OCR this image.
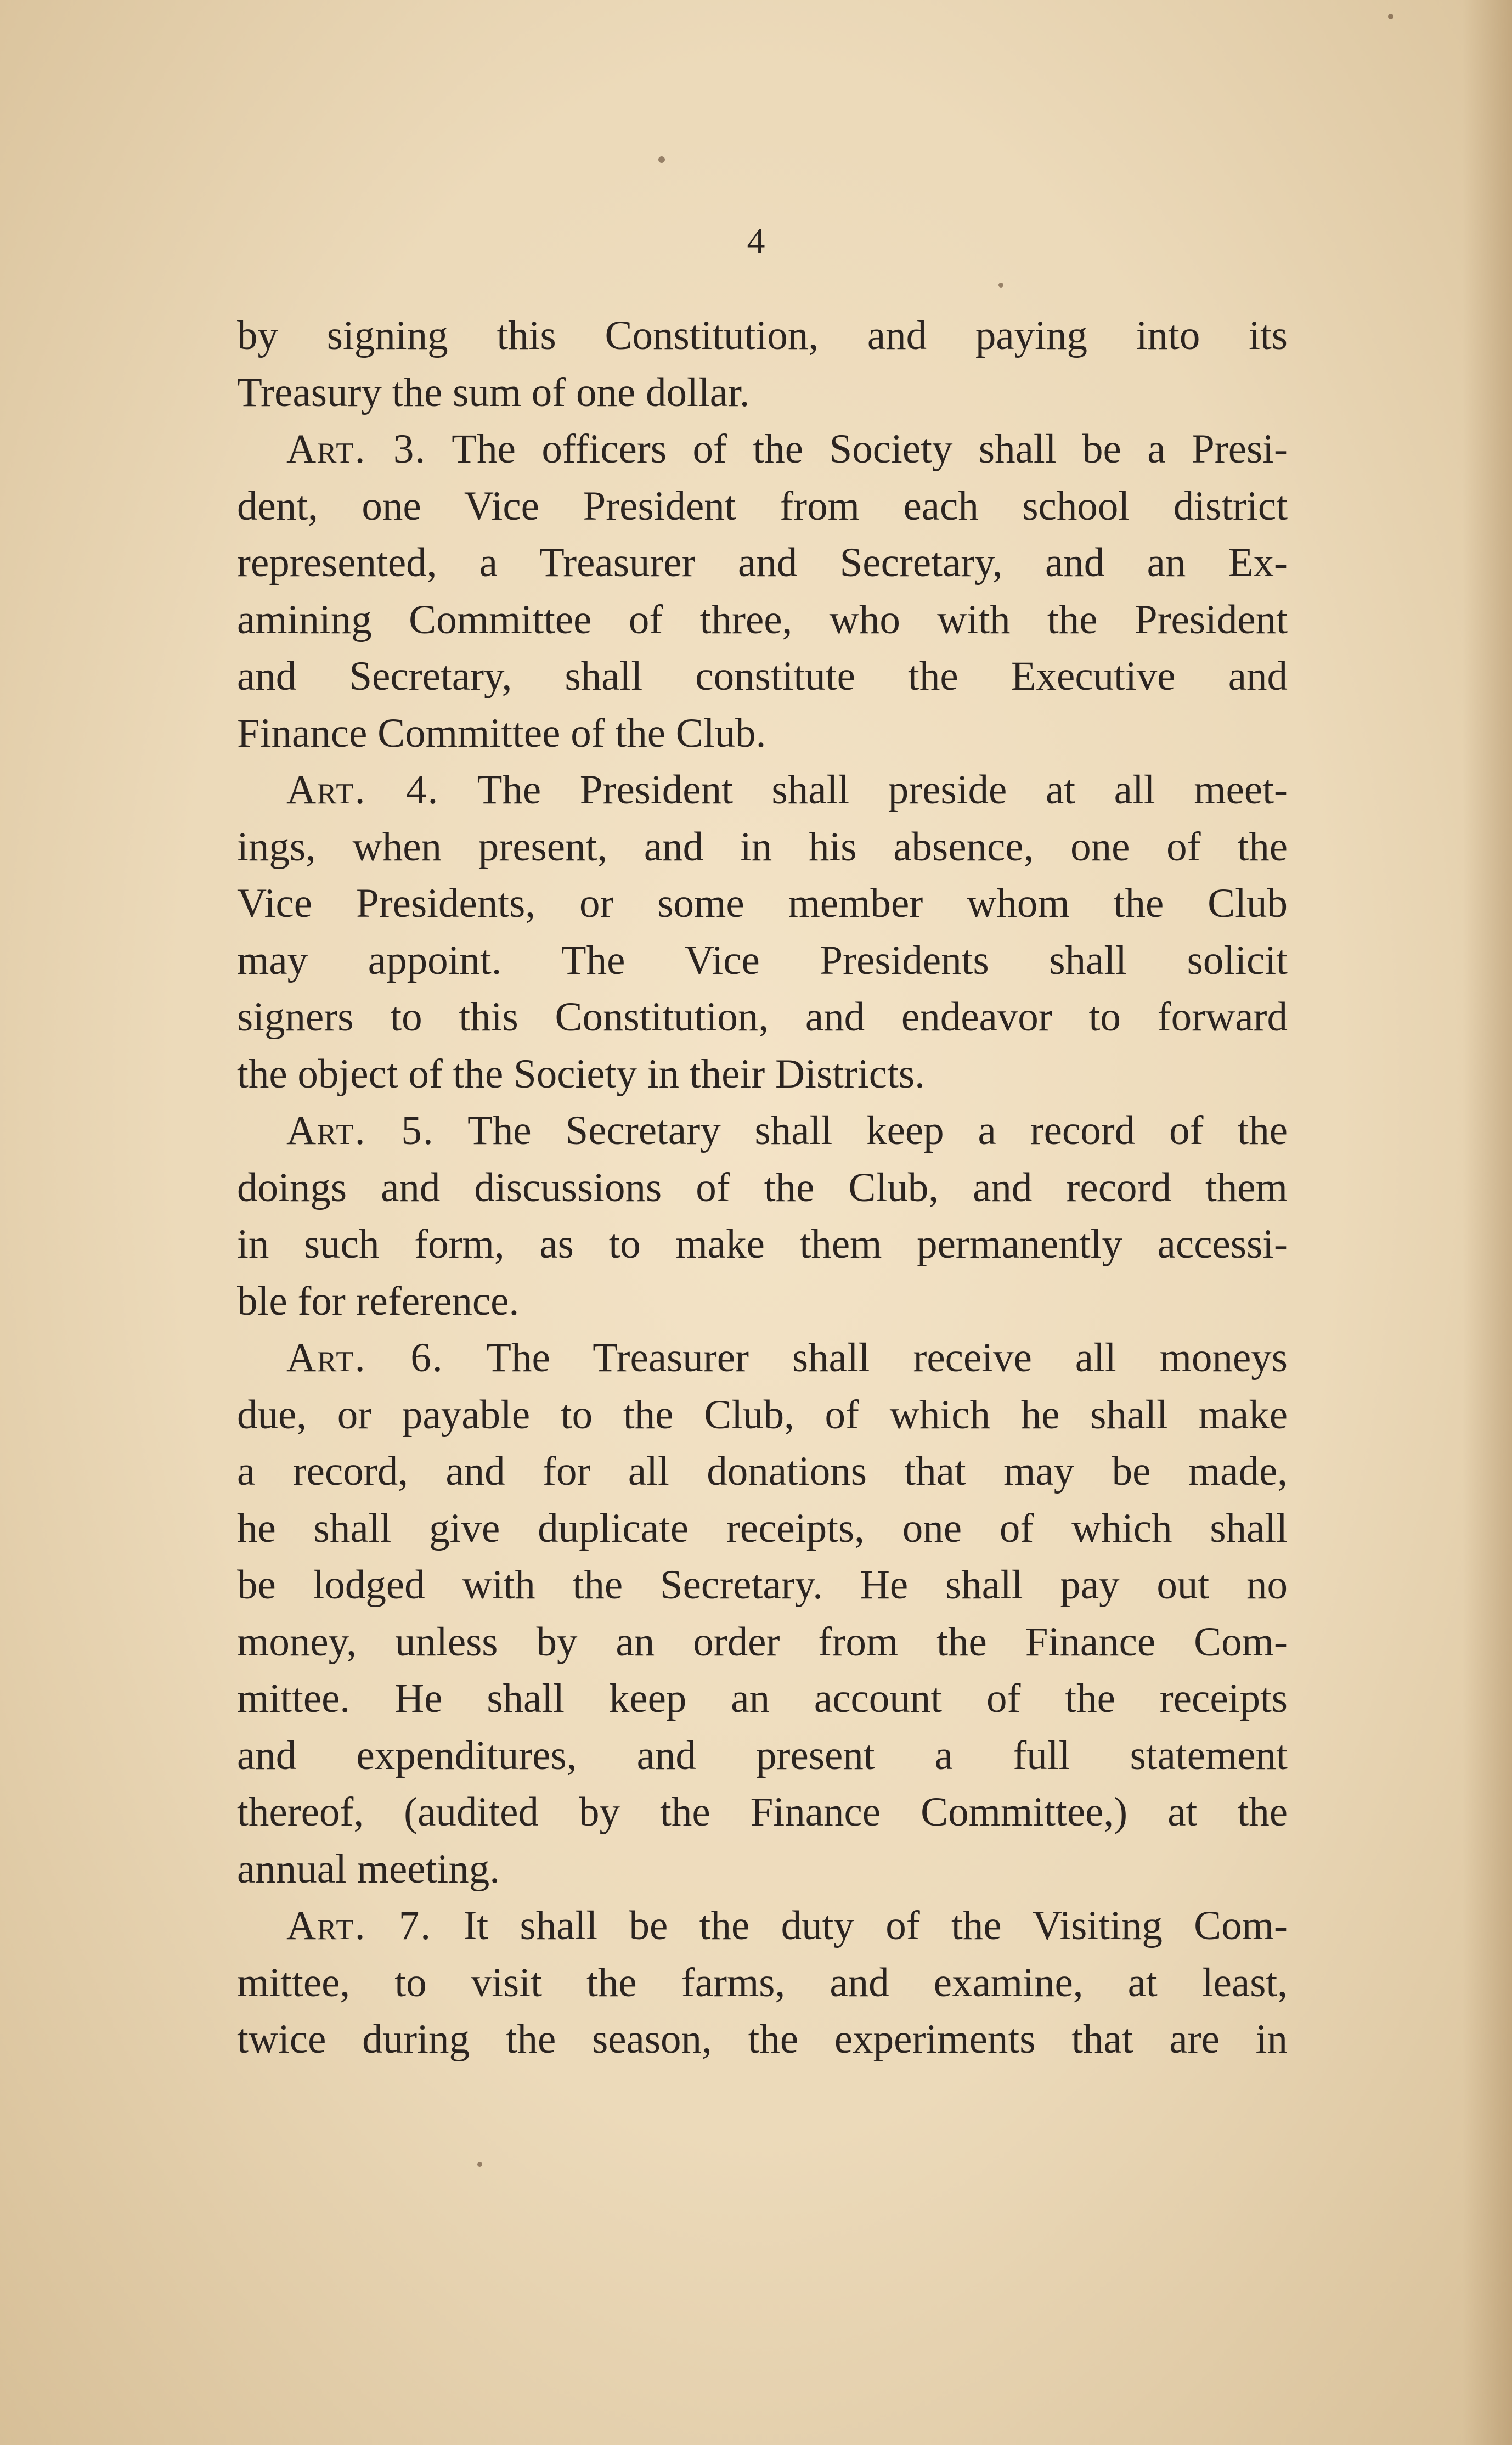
4
by signing this Constitution, and paying into its
Treasury the sum of one dollar.
Art. 3. The officers of the Society shall be a Presi-
dent, one Vice President from each school district
represented, a Treasurer and Secretary, and an Ex-
amining Committee of three, who with the President
and Secretary, shall constitute the Executive and
Finance Committee of the Club.
Art. 4. The President shall preside at all meet-
ings, when present, and in his absence, one of the
Vice Presidents, or some member whom the Club
may appoint. The Vice Presidents shall solicit
signers to this Constitution, and endeavor to forward
the object of the Society in their Districts.
Art. 5. The Secretary shall keep a record of the
doings and discussions of the Club, and record them
in such form, as to make them permanently accessi-
ble for reference.
Art. 6. The Treasurer shall receive all moneys
due, or payable to the Club, of which he shall make
a record, and for all donations that may be made,
he shall give duplicate receipts, one of which shall
be lodged with the Secretary. He shall pay out no
money, unless by an order from the Finance Com-
mittee. He shall keep an account of the receipts
and expenditures, and present a full statement
thereof, (audited by the Finance Committee,) at the
annual meeting.
Art. 7. It shall be the duty of the Visiting Com-
mittee, to visit the farms, and examine, at least,
twice during the season, the experiments that are in
